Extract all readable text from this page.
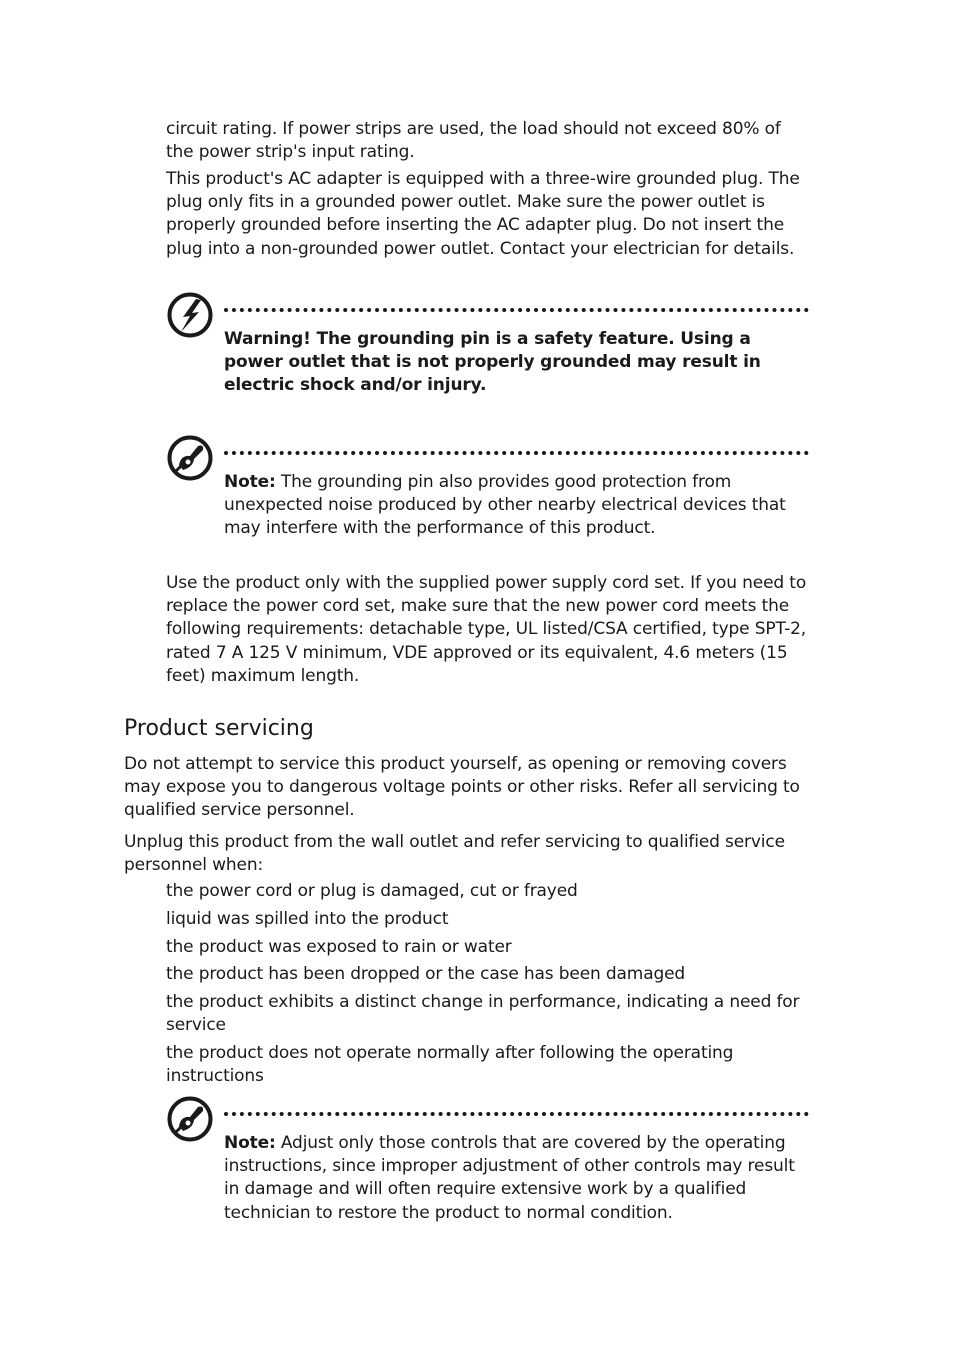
circuit rating. If power strips are used, the load should not exceed 80% of the power strip's input rating.

This product's AC adapter is equipped with a three-wire grounded plug. The plug only fits in a grounded power outlet. Make sure the power outlet is properly grounded before inserting the AC adapter plug. Do not insert the plug into a non-grounded power outlet. Contact your electrician for details.

Warning! The grounding pin is a safety feature. Using a power outlet that is not properly grounded may result in electric shock and/or injury.

Note: The grounding pin also provides good protection from unexpected noise produced by other nearby electrical devices that may interfere with the performance of this product.

Use the product only with the supplied power supply cord set. If you need to replace the power cord set, make sure that the new power cord meets the following requirements: detachable type, UL listed/CSA certified, type SPT-2, rated 7 A 125 V minimum, VDE approved or its equivalent, 4.6 meters (15 feet) maximum length.

Product servicing

Do not attempt to service this product yourself, as opening or removing covers may expose you to dangerous voltage points or other risks. Refer all servicing to qualified service personnel.

Unplug this product from the wall outlet and refer servicing to qualified service personnel when:

the power cord or plug is damaged, cut or frayed
liquid was spilled into the product
the product was exposed to rain or water
the product has been dropped or the case has been damaged
the product exhibits a distinct change in performance, indicating a need for service
the product does not operate normally after following the operating instructions

Note: Adjust only those controls that are covered by the operating instructions, since improper adjustment of other controls may result in damage and will often require extensive work by a qualified technician to restore the product to normal condition.
